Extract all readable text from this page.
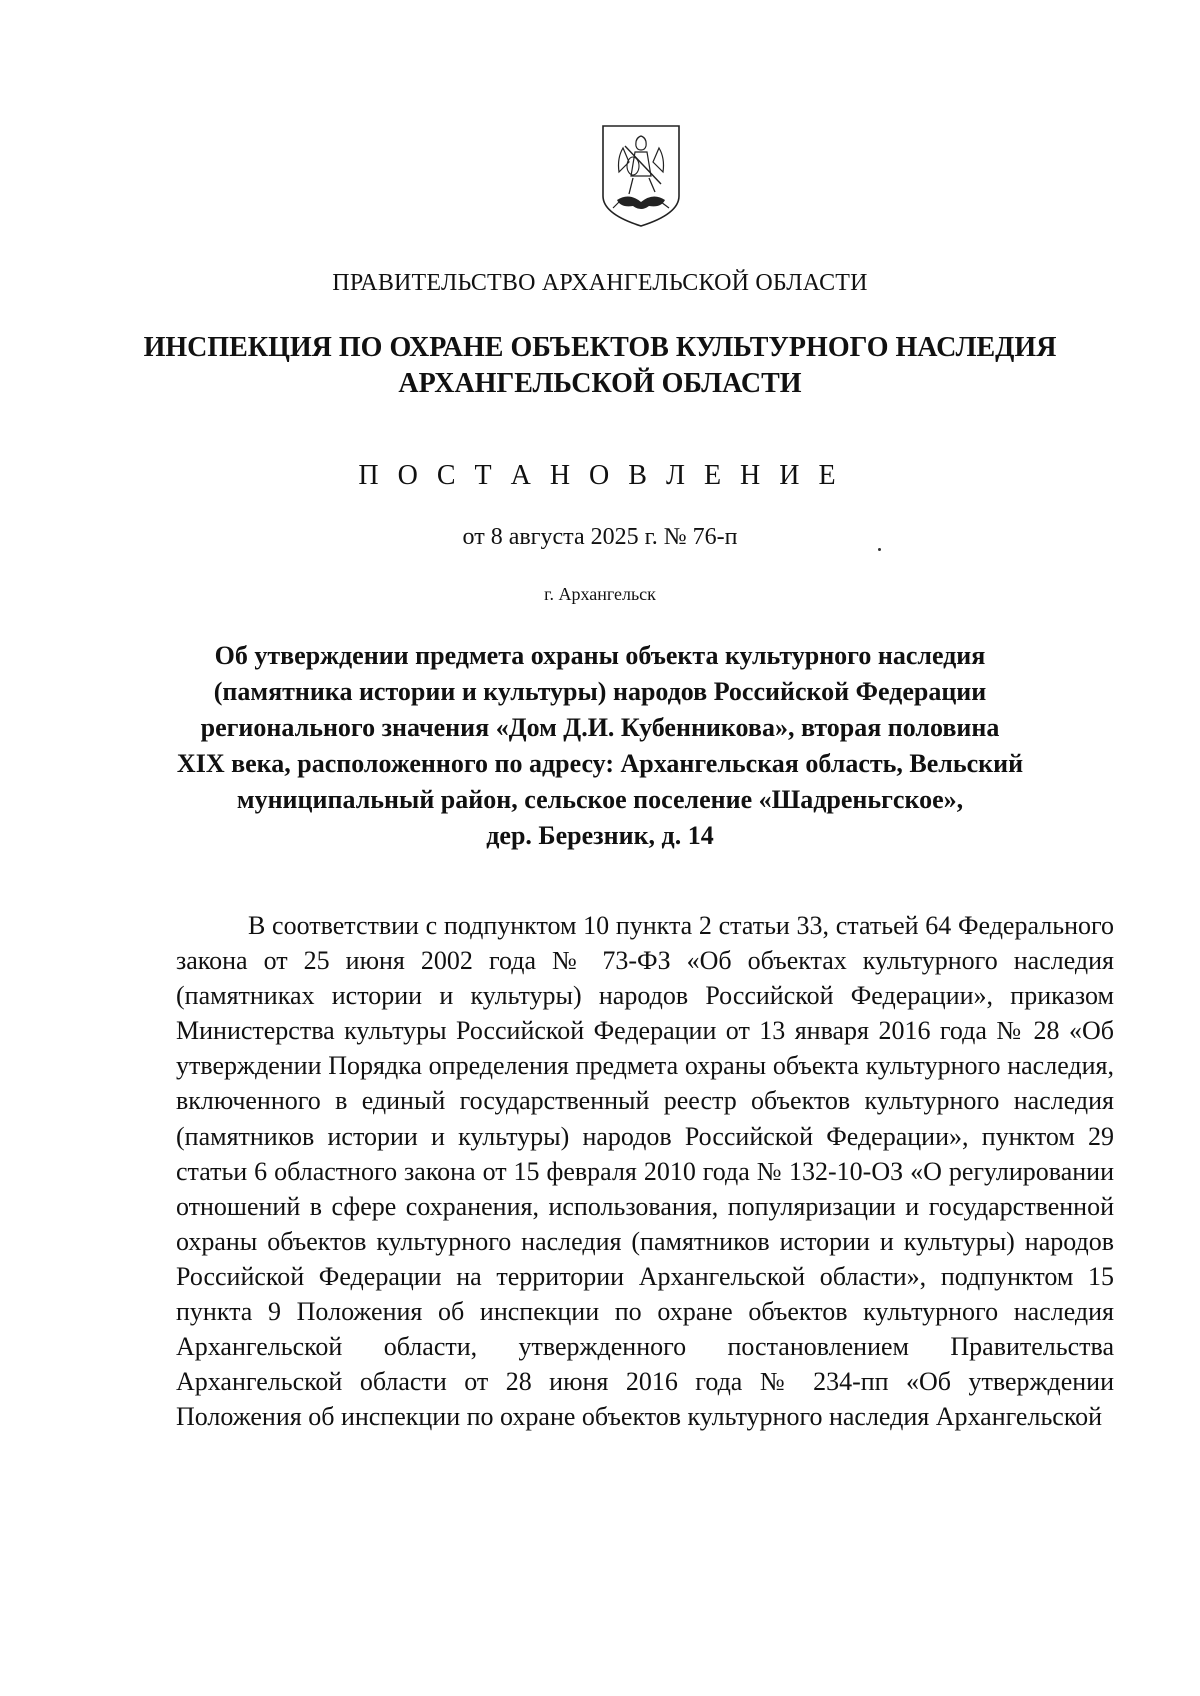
ПРАВИТЕЛЬСТВО АРХАНГЕЛЬСКОЙ ОБЛАСТИ
ИНСПЕКЦИЯ ПО ОХРАНЕ ОБЪЕКТОВ КУЛЬТУРНОГО НАСЛЕДИЯ
АРХАНГЕЛЬСКОЙ ОБЛАСТИ
П О С Т А Н О В Л Е Н И Е
от 8 августа 2025 г. № 76-п
г. Архангельск
Об утверждении предмета охраны объекта культурного наследия
(памятника истории и культуры) народов Российской Федерации
регионального значения «Дом Д.И. Кубенникова», вторая половина
XIX века, расположенного по адресу: Архангельская область, Вельский
муниципальный район, сельское поселение «Шадреньгское»,
дер. Березник, д. 14

В соответствии с подпунктом 10 пункта 2 статьи 33, статьей 64 Федерального закона от 25 июня 2002 года № 73-ФЗ «Об объектах культурного наследия (памятниках истории и культуры) народов Российской Федерации», приказом Министерства культуры Российской Федерации от 13 января 2016 года № 28 «Об утверждении Порядка определения предмета охраны объекта культурного наследия, включенного в единый государственный реестр объектов культурного наследия (памятников истории и культуры) народов Российской Федерации», пунктом 29 статьи 6 областного закона от 15 февраля 2010 года № 132-10-ОЗ «О регулировании отношений в сфере сохранения, использования, популяризации и государственной охраны объектов культурного наследия (памятников истории и культуры) народов Российской Федерации на территории Архангельской области», подпунктом 15 пункта 9 Положения об инспекции по охране объектов культурного наследия Архангельской области, утвержденного постановлением Правительства Архангельской области от 28 июня 2016 года № 234-пп «Об утверждении Положения об инспекции по охране объектов культурного наследия Архангельской
